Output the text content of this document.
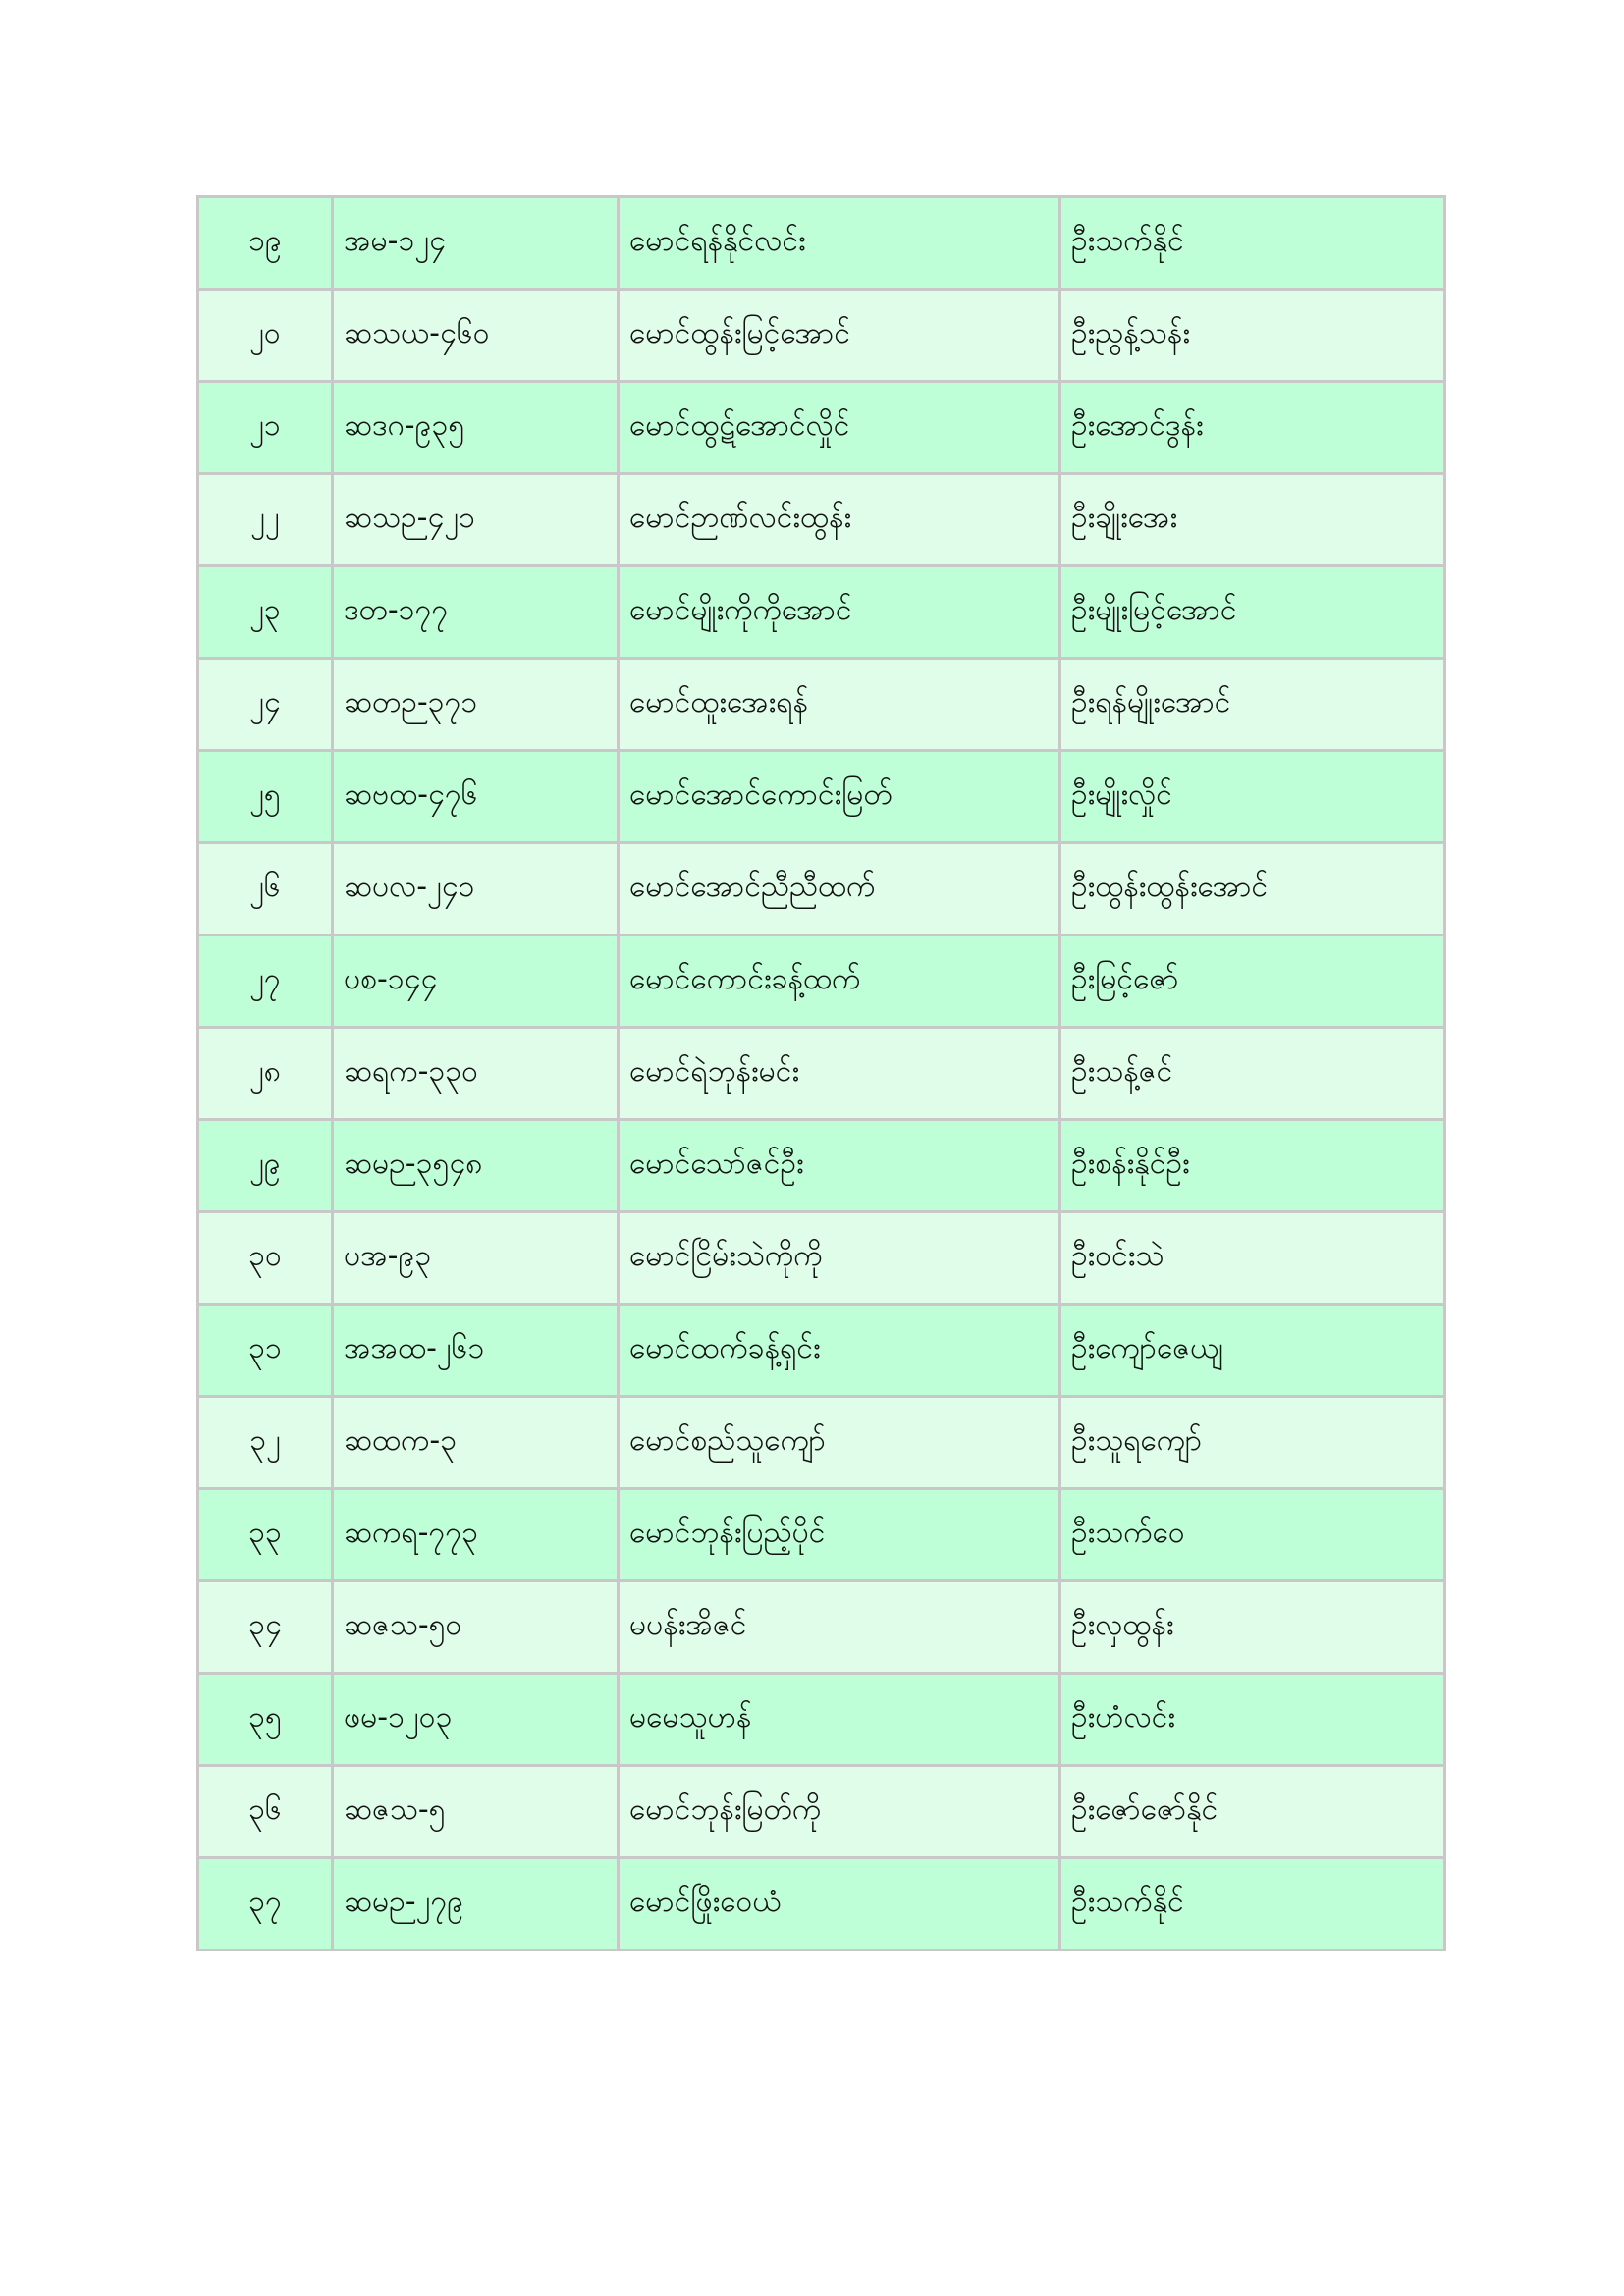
၁၉	အမ-၁၂၄	မောင်ရန်နိုင်လင်း	ဦးသက်နိုင်
၂၀	ဆသယ-၄၆၀	မောင်ထွန်းမြင့်အောင်	ဦးညွန့်သန်း
၂၁	ဆဒဂ-၉၃၅	မောင်ထွဋ်အောင်လှိုင်	ဦးအောင်ဒွန်း
၂၂	ဆသဉ-၄၂၁	မောင်ဉာဏ်လင်းထွန်း	ဦးချိုးအေး
၂၃	ဒတ-၁၇၇	မောင်မျိုးကိုကိုအောင်	ဦးမျိုးမြင့်အောင်
၂၄	ဆတဉ-၃၇၁	မောင်ထူးအေးရန်	ဦးရန်မျိုးအောင်
၂၅	ဆဗထ-၄၇၆	မောင်အောင်ကောင်းမြတ်	ဦးမျိုးလှိုင်
၂၆	ဆပလ-၂၄၁	မောင်အောင်ညီညီထက်	ဦးထွန်းထွန်းအောင်
၂၇	ပစ-၁၄၄	မောင်ကောင်းခန့်ထက်	ဦးမြင့်ဇော်
၂၈	ဆရက-၃၃၀	မောင်ရဲဘုန်းမင်း	ဦးသန့်ဇင်
၂၉	ဆမဉ-၃၅၄၈	မောင်သော်ဇင်ဦး	ဦးစန်းနိုင်ဦး
၃၀	ပအ-၉၃	မောင်ငြိမ်းသဲကိုကို	ဦးဝင်းသဲ
၃၁	အအထ-၂၆၁	မောင်ထက်ခန့်ရှင်း	ဦးကျော်ဇေယျ
၃၂	ဆထက-၃	မောင်စည်သူကျော်	ဦးသူရကျော်
၃၃	ဆကရ-၇၇၃	မောင်ဘုန်းပြည့်ပိုင်	ဦးသက်ဝေ
၃၄	ဆဇသ-၅၀	မပန်းအိဇင်	ဦးလှထွန်း
၃၅	ဖမ-၁၂၀၃	မမေသူဟန်	ဦးဟံလင်း
၃၆	ဆဇသ-၅	မောင်ဘုန်းမြတ်ကို	ဦးဇော်ဇော်နိုင်
၃၇	ဆမဉ-၂၇၉	မောင်ဖြိုးဝေယံ	ဦးသက်နိုင်
